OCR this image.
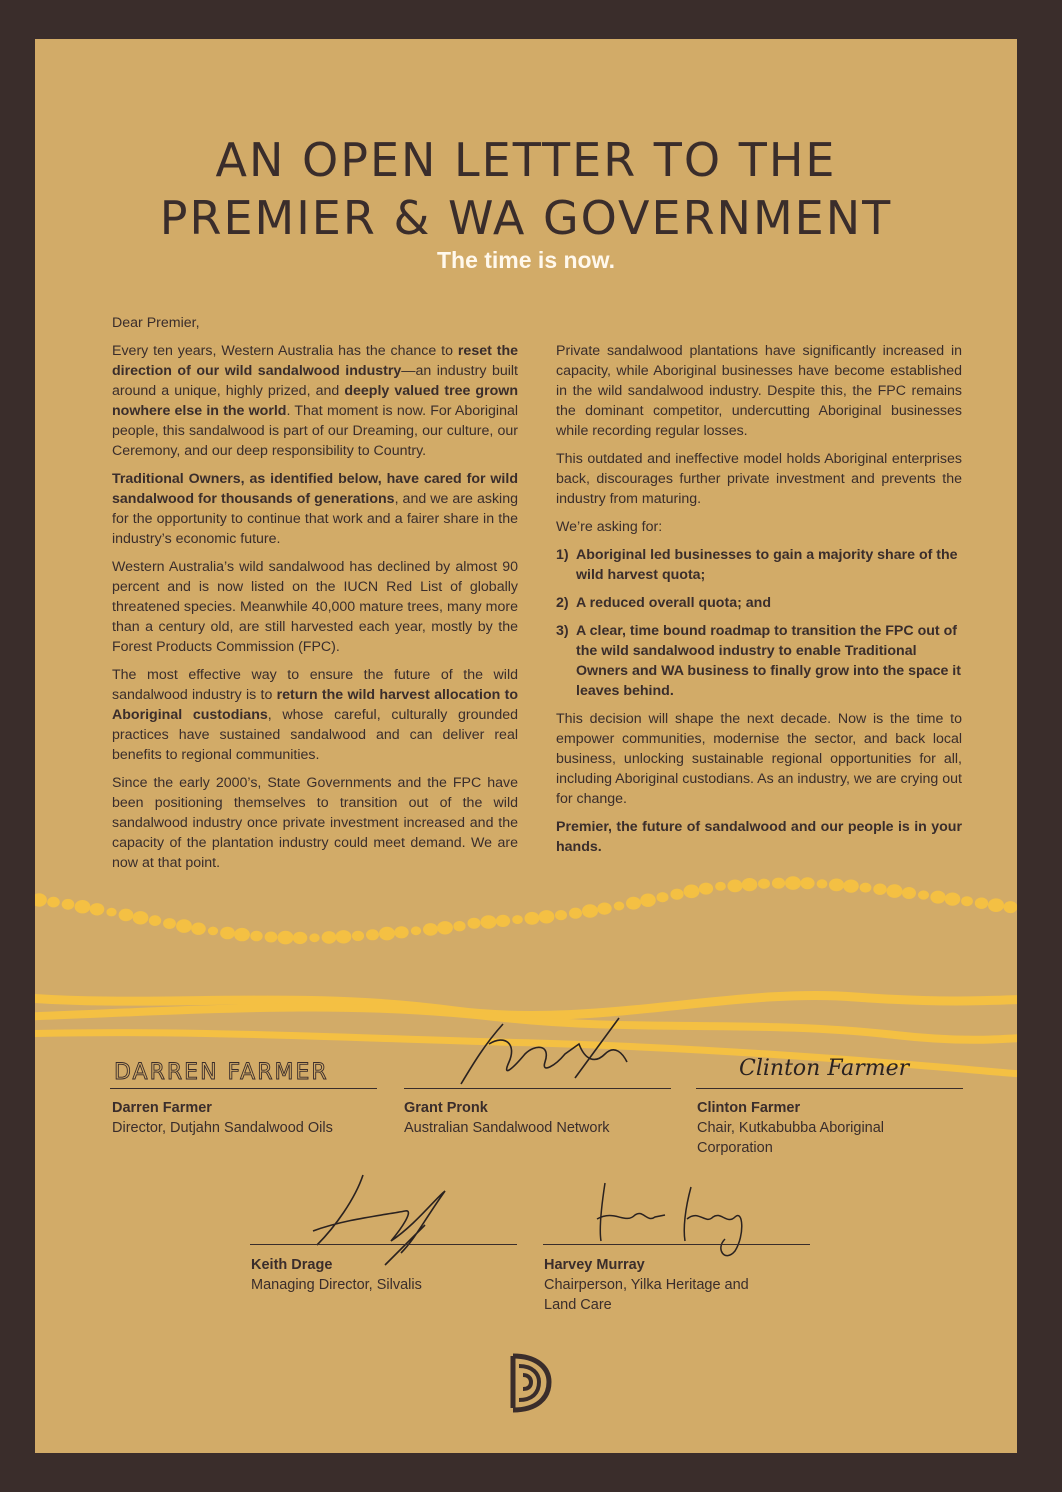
AN OPEN LETTER TO THE
PREMIER & WA GOVERNMENT
The time is now.

Dear Premier,

Every ten years, Western Australia has the chance to reset the direction of our wild sandalwood industry—an industry built around a unique, highly prized, and deeply valued tree grown nowhere else in the world. That moment is now. For Aboriginal people, this sandalwood is part of our Dreaming, our culture, our Ceremony, and our deep responsibility to Country.

Traditional Owners, as identified below, have cared for wild sandalwood for thousands of generations, and we are asking for the opportunity to continue that work and a fairer share in the industry’s economic future.

Western Australia’s wild sandalwood has declined by almost 90 percent and is now listed on the IUCN Red List of globally threatened species. Meanwhile 40,000 mature trees, many more than a century old, are still harvested each year, mostly by the Forest Products Commission (FPC).

The most effective way to ensure the future of the wild sandalwood industry is to return the wild harvest allocation to Aboriginal custodians, whose careful, culturally grounded practices have sustained sandalwood and can deliver real benefits to regional communities.

Since the early 2000’s, State Governments and the FPC have been positioning themselves to transition out of the wild sandalwood industry once private investment increased and the capacity of the plantation industry could meet demand. We are now at that point.

Private sandalwood plantations have significantly increased in capacity, while Aboriginal businesses have become established in the wild sandalwood industry. Despite this, the FPC remains the dominant competitor, undercutting Aboriginal businesses while recording regular losses.

This outdated and ineffective model holds Aboriginal enterprises back, discourages further private investment and prevents the industry from maturing.

We’re asking for:

1) Aboriginal led businesses to gain a majority share of the wild harvest quota;
2) A reduced overall quota; and
3) A clear, time bound roadmap to transition the FPC out of the wild sandalwood industry to enable Traditional Owners and WA business to finally grow into the space it leaves behind.

This decision will shape the next decade. Now is the time to empower communities, modernise the sector, and back local business, unlocking sustainable regional opportunities for all, including Aboriginal custodians. As an industry, we are crying out for change.

Premier, the future of sandalwood and our people is in your hands.

DARREN FARMER	G.W. Pronk	Clinton Farmer
Darren Farmer
Director, Dutjahn Sandalwood Oils
Grant Pronk
Australian Sandalwood Network
Clinton Farmer
Chair, Kutkabubba Aboriginal
Corporation
Keith Drage
Managing Director, Silvalis
Harvey Murray
Chairperson, Yilka Heritage and
Land Care
